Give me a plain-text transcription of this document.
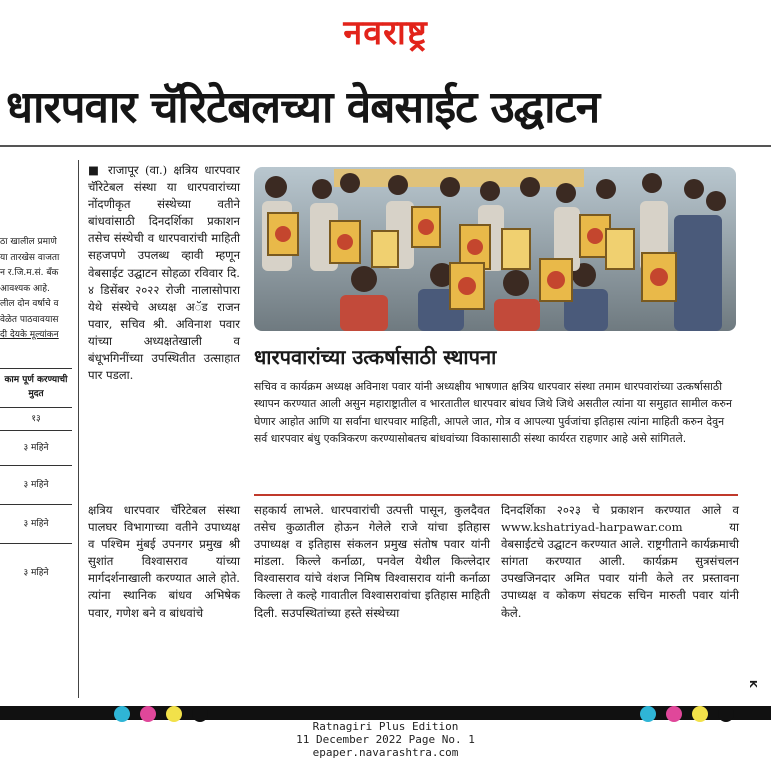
नवराष्ट्र
धारपवार चॅरिटेबलच्या वेबसाईट उद्घाटन
ठा खालील प्रमाणे
या तारखेस वाजता
न र.जि.म.सं. बँक
आवश्यक आहे.
लील दोन वर्षाचे व
वेळेत पाठवावयास
दी देयके मूल्यांकन
काम पूर्ण करण्याची मुदत
१३
३ महिने
३ महिने
३ महिने
३ महिने
■ राजापूर (वा.) क्षत्रिय धारपवार चॅरिटेबल संस्था या धारपवारांच्या नोंदणीकृत संस्थेच्या वतीने बांधवांसाठी दिनदर्शिका प्रकाशन तसेच संस्थेची व धारपवारांची माहिती सहजपणे उपलब्ध व्हावी म्हणून वेबसाईट उद्घाटन सोहळा रविवार दि. ४ डिसेंबर २०२२ रोजी नालासोपारा येथे संस्थेचे अध्यक्ष अॅड राजन पवार, सचिव श्री. अविनाश पवार यांच्या अध्यक्षतेखाली व बंधूभगिनींच्या उपस्थितीत उत्साहात पार पडला.
क्षत्रिय धारपवार चॅरिटेबल संस्था पालघर विभागाच्या वतीने उपाध्यक्ष व पश्चिम मुंबई उपनगर प्रमुख श्री सुशांत विश्वासराव यांच्या मार्गदर्शनाखाली करण्यात आले होते. त्यांना स्थानिक बांधव अभिषेक पवार, गणेश बने व बांधवांचे
धारपवारांच्या उत्कर्षासाठी स्थापना
सचिव व कार्यक्रम अध्यक्ष अविनाश पवार यांनी अध्यक्षीय भाषणात क्षत्रिय धारपवार संस्था तमाम धारपवारांच्या उत्कर्षासाठी स्थापन करण्यात आली असुन महाराष्ट्रातील व भारतातील धारपवार बांधव जिथे जिथे असतील त्यांना या समुहात सामील करुन घेणार आहोत आणि या सर्वांना धारपवार माहिती, आपले जात, गोत्र व आपल्या पुर्वजांचा इतिहास त्यांना माहिती करुन देवुन सर्व धारपवार बंधु एकत्रिकरण करण्यासोबतच बांधवांच्या विकासासाठी संस्था कार्यरत राहणार आहे असे सांगितले.
सहकार्य लाभले. धारपवारांची उत्पत्ती पासून, कुलदैवत तसेच कुळातील होऊन गेलेले राजे यांचा इतिहास उपाध्यक्ष व इतिहास संकलन प्रमुख संतोष पवार यांनी मांडला. किल्ले कर्नाळा, पनवेल येथील किल्लेदार विश्वासराव यांचे वंशज निमिष विश्वासराव यांनी कर्नाळा किल्ला ते कल्हे गावातील विश्वासरावांचा इतिहास माहिती दिली. सउपस्थितांच्या हस्ते संस्थेच्या
दिनदर्शिका २०२३ चे प्रकाशन करण्यात आले व www.kshatriyad-harpawar.com या वेबसाईटचे उद्घाटन करण्यात आले. राष्ट्रगीताने कार्यक्रमाची सांगता करण्यात आली. कार्यक्रम सुत्रसंचलन उपखजिनदार अमित पवार यांनी केले तर प्रस्तावना उपाध्यक्ष व कोकण संघटक सचिन मारुती पवार यांनी केले.
K
Ratnagiri Plus Edition
11 December 2022 Page No. 1
epaper.navarashtra.com
